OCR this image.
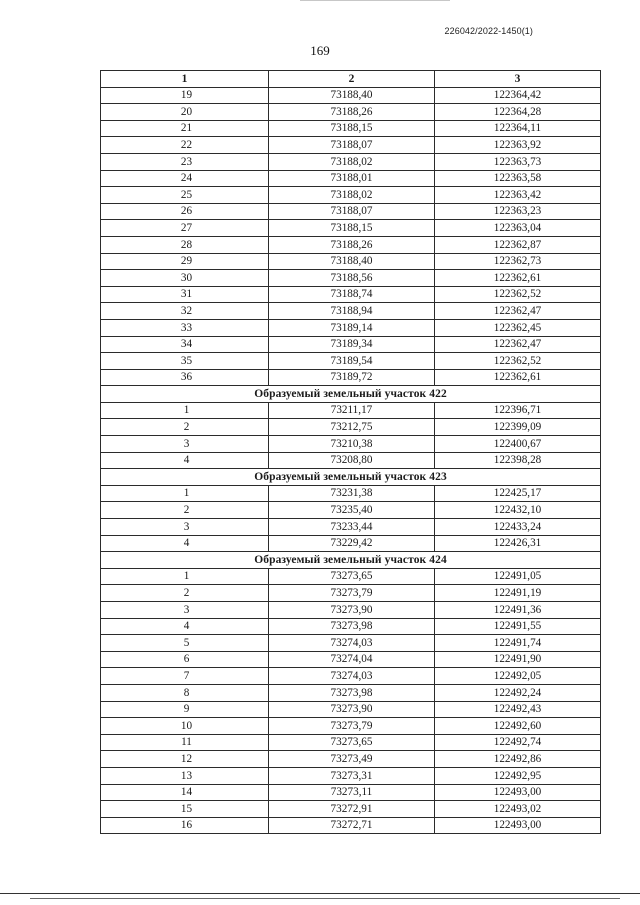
226042/2022-1450(1)
169
1	2	3
19	73188,40	122364,42
20	73188,26	122364,28
21	73188,15	122364,11
22	73188,07	122363,92
23	73188,02	122363,73
24	73188,01	122363,58
25	73188,02	122363,42
26	73188,07	122363,23
27	73188,15	122363,04
28	73188,26	122362,87
29	73188,40	122362,73
30	73188,56	122362,61
31	73188,74	122362,52
32	73188,94	122362,47
33	73189,14	122362,45
34	73189,34	122362,47
35	73189,54	122362,52
36	73189,72	122362,61
Образуемый земельный участок 422		
1	73211,17	122396,71
2	73212,75	122399,09
3	73210,38	122400,67
4	73208,80	122398,28
Образуемый земельный участок 423		
1	73231,38	122425,17
2	73235,40	122432,10
3	73233,44	122433,24
4	73229,42	122426,31
Образуемый земельный участок 424		
1	73273,65	122491,05
2	73273,79	122491,19
3	73273,90	122491,36
4	73273,98	122491,55
5	73274,03	122491,74
6	73274,04	122491,90
7	73274,03	122492,05
8	73273,98	122492,24
9	73273,90	122492,43
10	73273,79	122492,60
11	73273,65	122492,74
12	73273,49	122492,86
13	73273,31	122492,95
14	73273,11	122493,00
15	73272,91	122493,02
16	73272,71	122493,00
